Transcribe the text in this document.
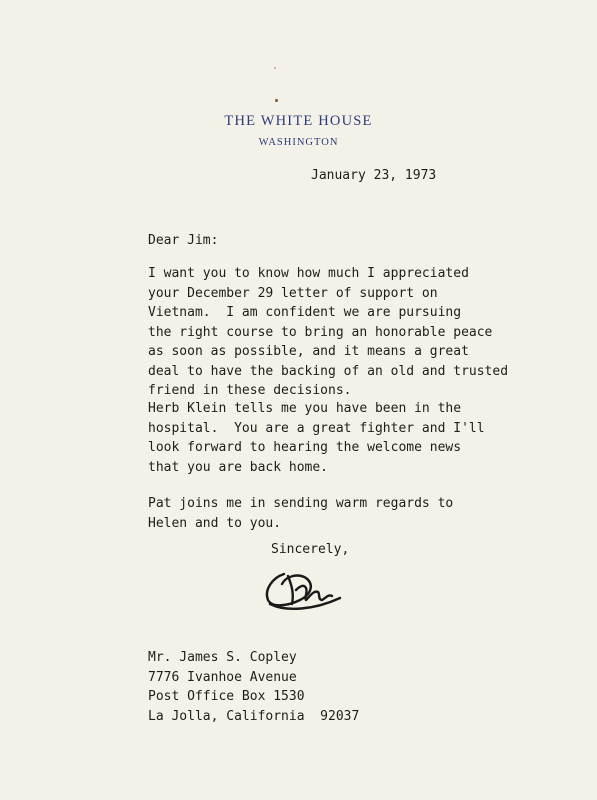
THE WHITE HOUSE
WASHINGTON
January 23, 1973
Dear Jim:
I want you to know how much I appreciated
your December 29 letter of support on
Vietnam.  I am confident we are pursuing
the right course to bring an honorable peace
as soon as possible, and it means a great
deal to have the backing of an old and trusted
friend in these decisions.
Herb Klein tells me you have been in the
hospital.  You are a great fighter and I'll
look forward to hearing the welcome news
that you are back home.
Pat joins me in sending warm regards to
Helen and to you.
Sincerely,
Mr. James S. Copley
7776 Ivanhoe Avenue
Post Office Box 1530
La Jolla, California  92037
